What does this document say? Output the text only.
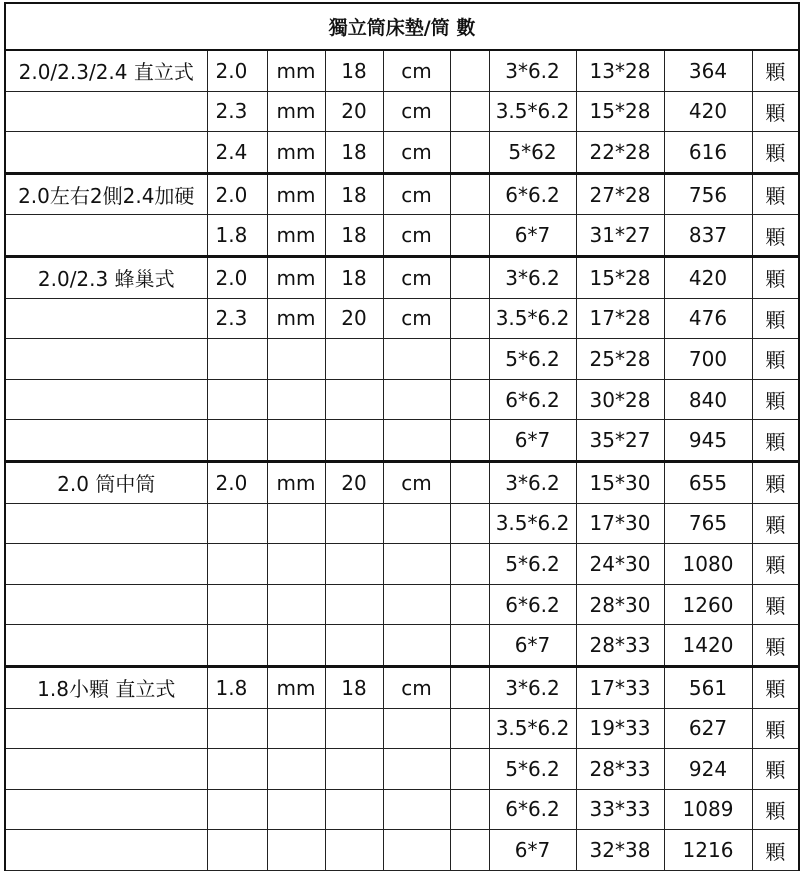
獨立筒床墊/筒 數									
2.0/2.3/2.4 直立式	2.0	mm	18	cm		3*6.2	13*28	364	顆
	2.3	mm	20	cm		3.5*6.2	15*28	420	顆
	2.4	mm	18	cm		5*62	22*28	616	顆
2.0左右2側2.4加硬	2.0	mm	18	cm		6*6.2	27*28	756	顆
	1.8	mm	18	cm		6*7	31*27	837	顆
2.0/2.3 蜂巢式	2.0	mm	18	cm		3*6.2	15*28	420	顆
	2.3	mm	20	cm		3.5*6.2	17*28	476	顆
						5*6.2	25*28	700	顆
						6*6.2	30*28	840	顆
						6*7	35*27	945	顆
2.0 筒中筒	2.0	mm	20	cm		3*6.2	15*30	655	顆
						3.5*6.2	17*30	765	顆
						5*6.2	24*30	1080	顆
						6*6.2	28*30	1260	顆
						6*7	28*33	1420	顆
1.8小顆 直立式	1.8	mm	18	cm		3*6.2	17*33	561	顆
						3.5*6.2	19*33	627	顆
						5*6.2	28*33	924	顆
						6*6.2	33*33	1089	顆
						6*7	32*38	1216	顆
